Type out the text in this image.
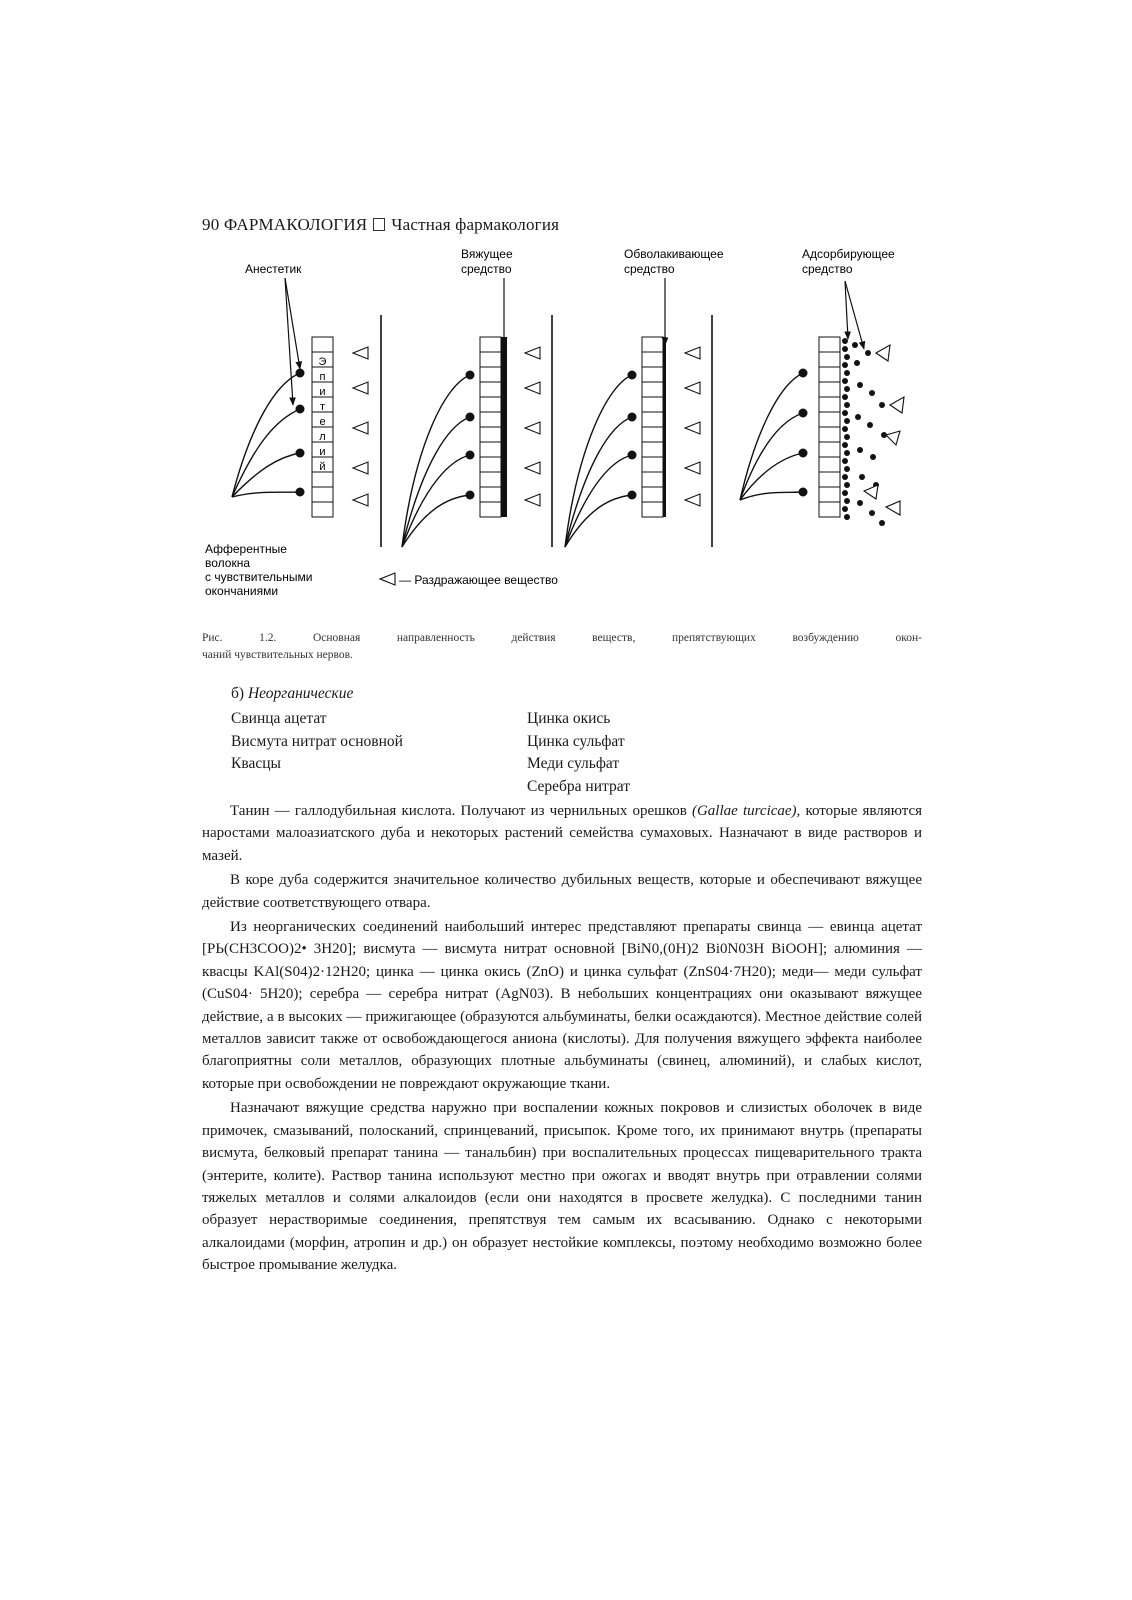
90 ФАРМАКОЛОГИЯ Частная фармакология
Анестетик
Вяжущее
средство
Обволакивающее
средство
Адсорбирующее
средство
Э
п
и
т
е
л
и
й
Афферентные
волокна
с чувствительными
окончаниями
— Раздражающее вещество
Рис. 1.2. Основная направленность действия веществ, препятствующих возбуждению окон-
чаний чувствительных нервов.
б) Неорганические
Свинца ацетат
Висмута нитрат основной
Квасцы
Цинка окись
Цинка сульфат
Меди сульфат
Серебра нитрат

Танин — галлодубильная кислота. Получают из чернильных орешков (Gallae turcicae), которые являются наростами малоазиатского дуба и некоторых растений семейства сумаховых. Назначают в виде растворов и мазей.

В коре дуба содержится значительное количество дубильных веществ, которые и обеспечивают вяжущее действие соответствующего отвара.

Из неорганических соединений наибольший интерес представляют препараты свинца — евинца ацетат [РЬ(СН3СОО)2• 3Н20]; висмута — висмута нитрат основной [BiN0,(0H)2 Bi0N03H BiOOH]; алюминия — квасцы KAl(S04)2·12H20; цинка — цинка окись (ZnO) и цинка сульфат (ZnS04·7H20); меди— меди сульфат (CuS04· 5H20); серебра — серебра нитрат (AgN03). В небольших концентрациях они оказывают вяжущее действие, а в высоких — прижигающее (образуются альбуминаты, белки осаждаются). Местное действие солей металлов зависит также от освобождающегося аниона (кислоты). Для получения вяжущего эффекта наиболее благоприятны соли металлов, образующих плотные альбуминаты (свинец, алюминий), и слабых кислот, которые при освобождении не повреждают окружающие ткани.

Назначают вяжущие средства наружно при воспалении кожных покровов и слизистых оболочек в виде примочек, смазываний, полосканий, спринцеваний, присыпок. Кроме того, их принимают внутрь (препараты висмута, белковый препарат танина — танальбин) при воспалительных процессах пищеварительного тракта (энтерите, колите). Раствор танина используют местно при ожогах и вводят внутрь при отравлении солями тяжелых металлов и солями алкалоидов (если они находятся в просвете желудка). С последними танин образует нерастворимые соединения, препятствуя тем самым их всасыванию. Однако с некоторыми алкалоидами (морфин, атропин и др.) он образует нестойкие комплексы, поэтому необходимо возможно более быстрое промывание желудка.
